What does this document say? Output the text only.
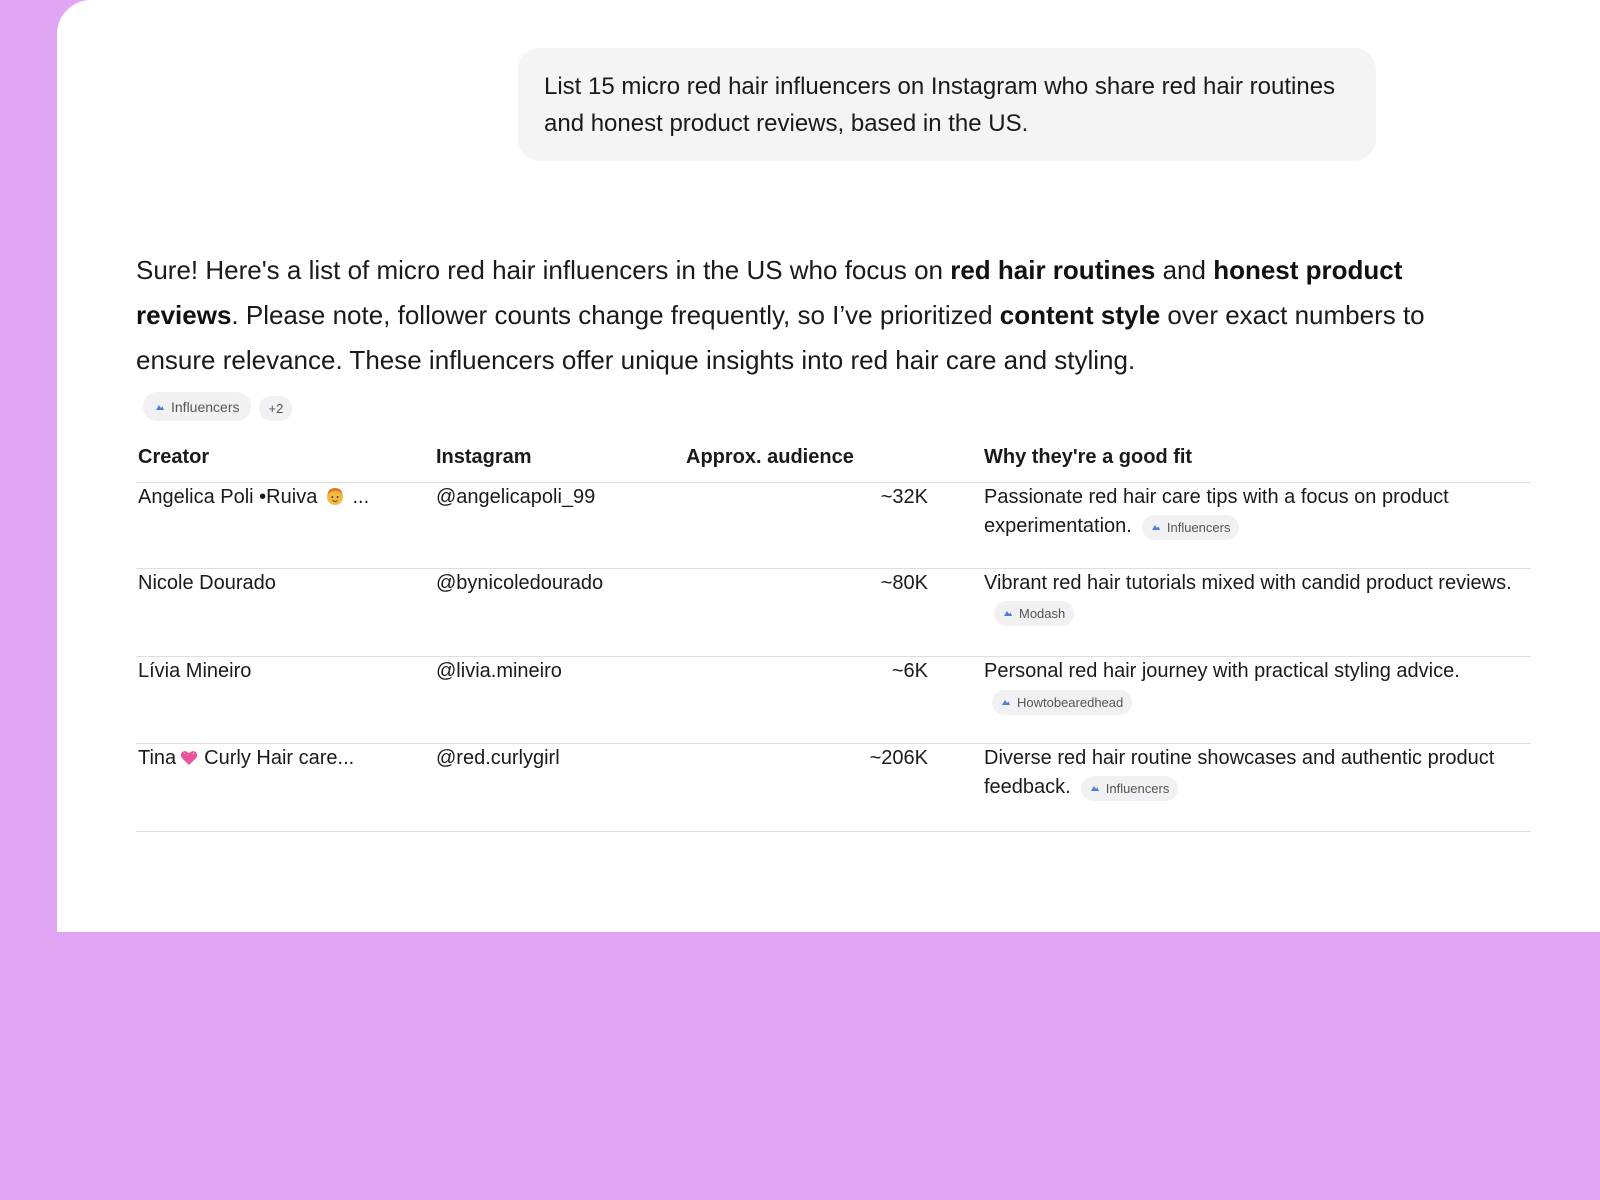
List 15 micro red hair influencers on Instagram who share red hair routines and honest product reviews, based in the US.
Sure! Here's a list of micro red hair influencers in the US who focus on red hair routines and honest product reviews. Please note, follower counts change frequently, so I’ve prioritized content style over exact numbers to ensure relevance. These influencers offer unique insights into red hair care and styling.
Influencers +2
Creator	Instagram	Approx. audience	Why they're a good fit
Angelica Poli •Ruiva ...	@angelicapoli_99	~32K	Passionate red hair care tips with a focus on product experimentation. Influencers

Nicole Dourado	@bynicoledourado	~80K	Vibrant red hair tutorials mixed with candid product reviews.
Modash

Lívia Mineiro	@livia.mineiro	~6K	Personal red hair journey with practical styling advice.

Howtobearedhead

Tina Curly Hair care...	@red.curlygirl	~206K	Diverse red hair routine showcases and authentic product feedback. Influencers
